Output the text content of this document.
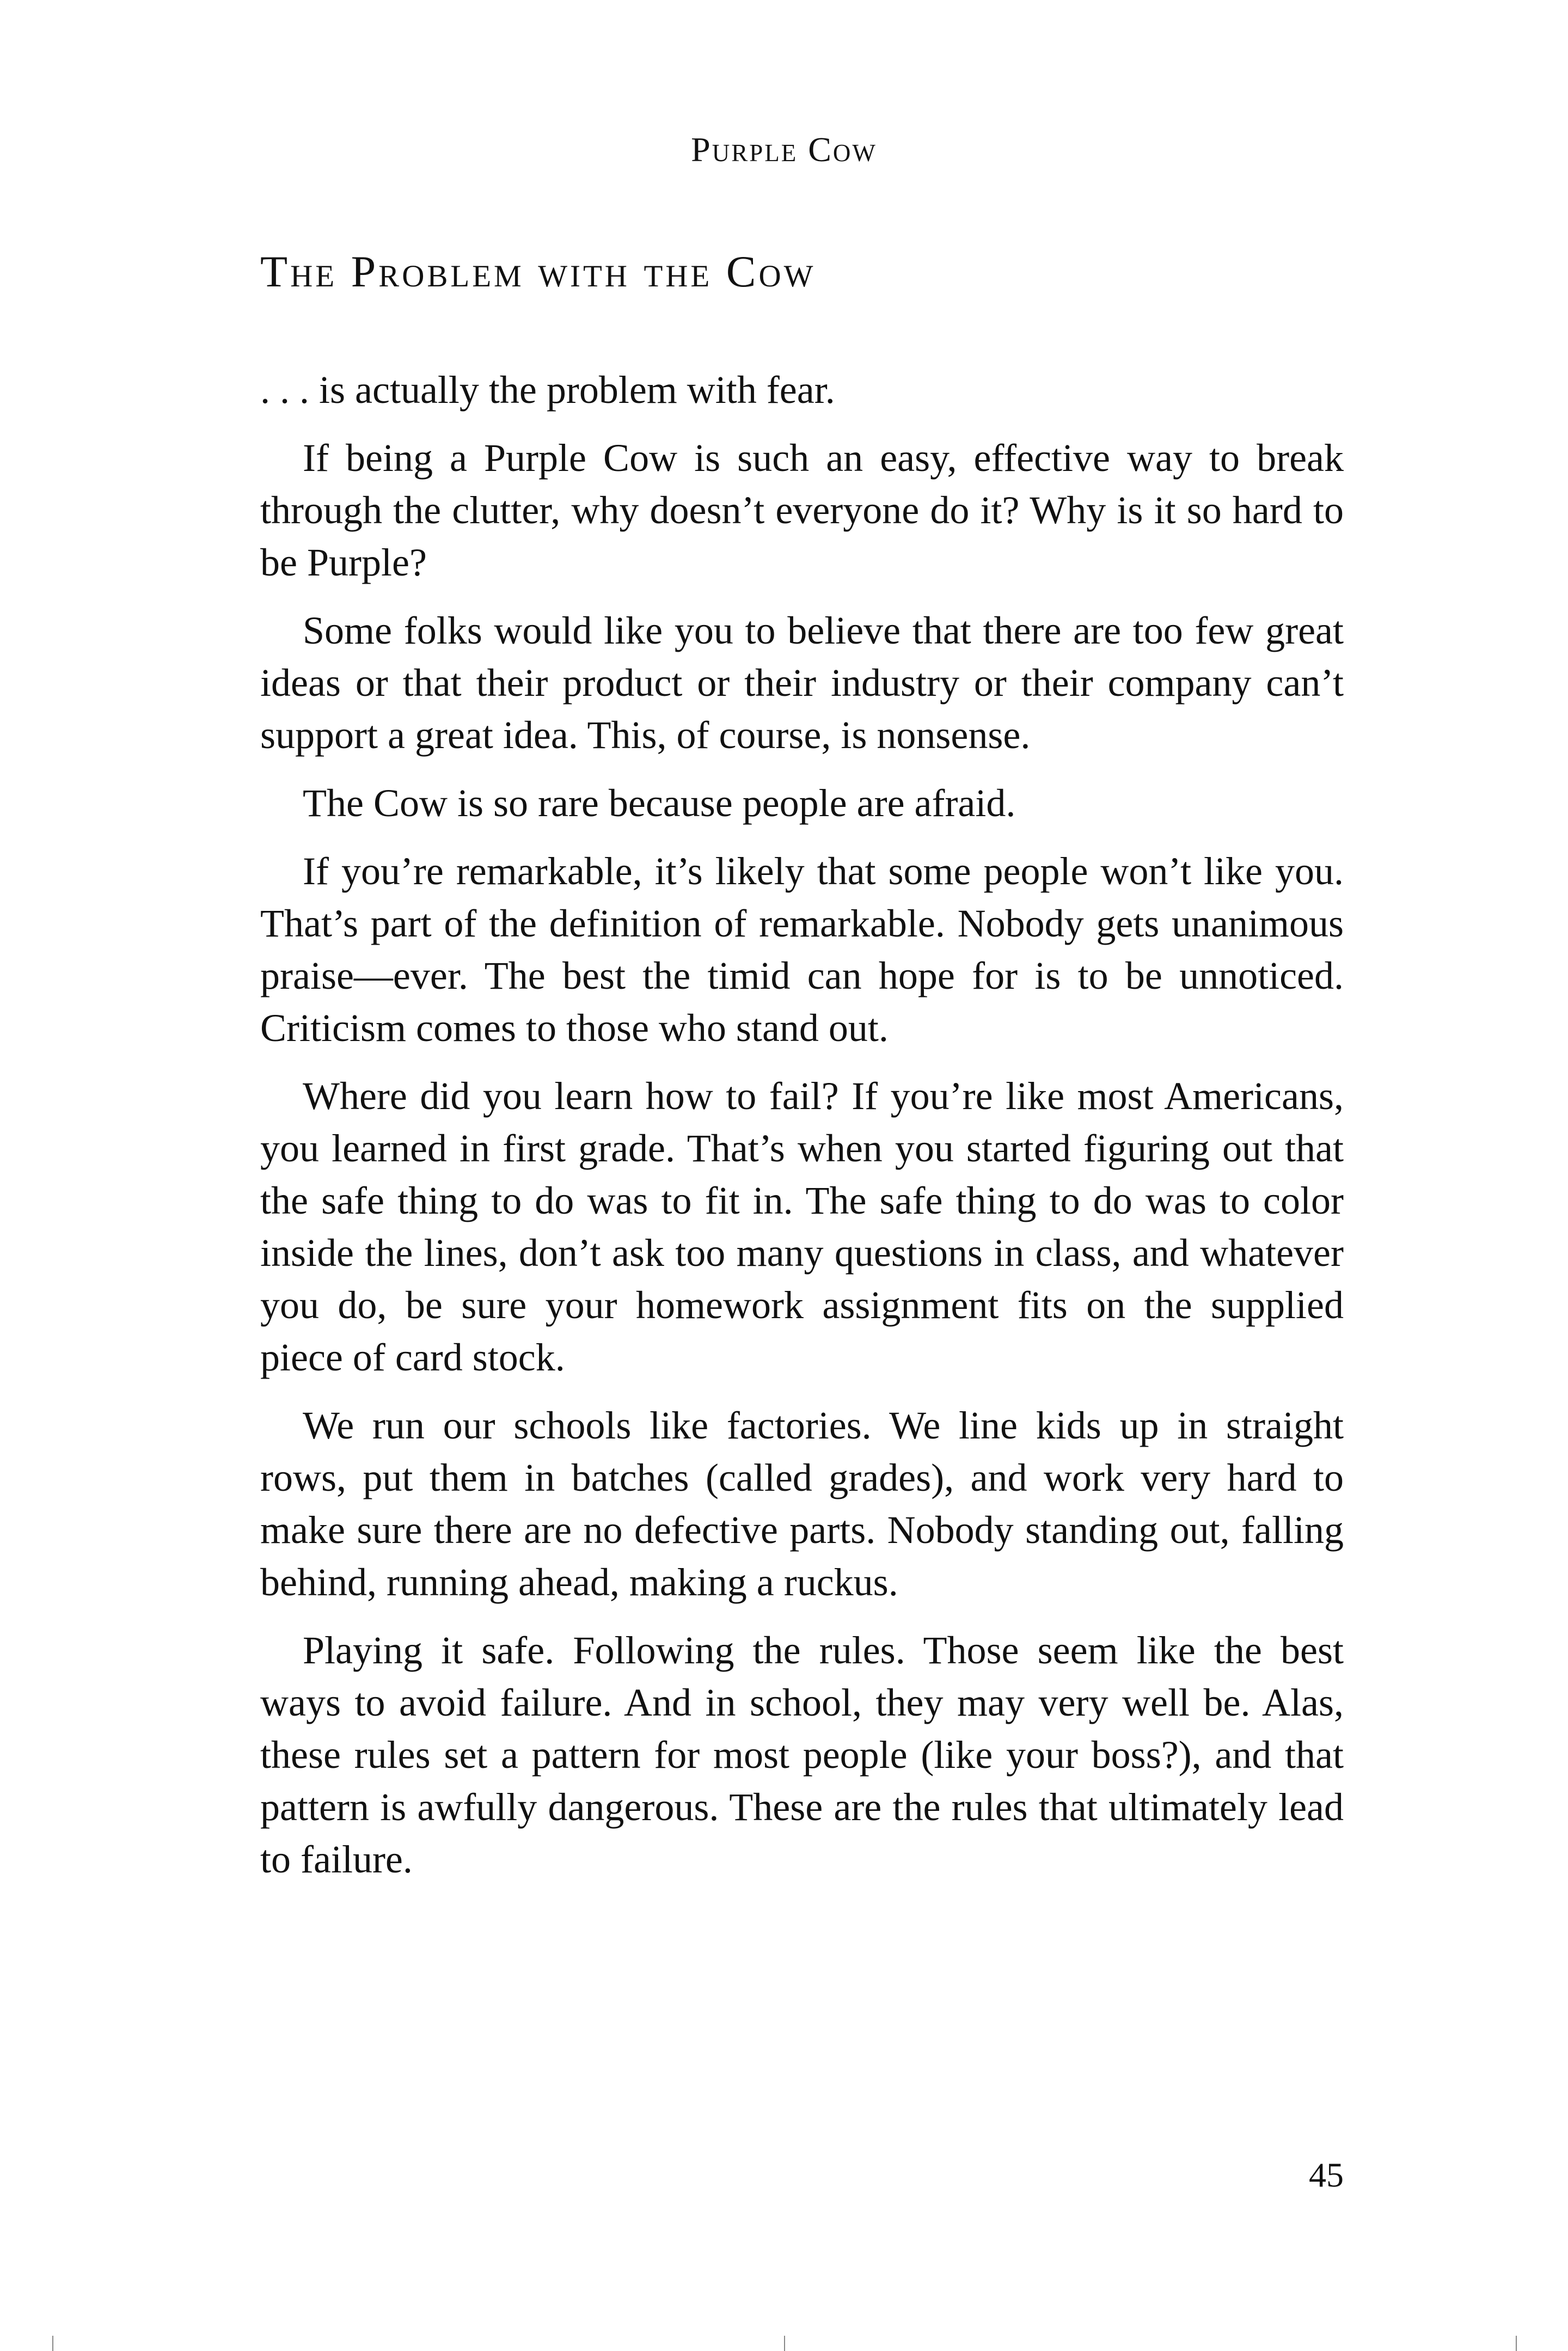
Purple Cow
The Problem with the Cow

. . . is actually the problem with fear.

If being a Purple Cow is such an easy, effective way to break through the clutter, why doesn’t everyone do it? Why is it so hard to be Purple?

Some folks would like you to believe that there are too few great ideas or that their product or their industry or their company can’t support a great idea. This, of course, is nonsense.

The Cow is so rare because people are afraid.

If you’re remarkable, it’s likely that some people won’t like you. That’s part of the definition of remarkable. Nobody gets unanimous praise—ever. The best the timid can hope for is to be unnoticed. Criticism comes to those who stand out.

Where did you learn how to fail? If you’re like most Americans, you learned in first grade. That’s when you started figuring out that the safe thing to do was to fit in. The safe thing to do was to color inside the lines, don’t ask too many questions in class, and whatever you do, be sure your homework assignment fits on the supplied piece of card stock.

We run our schools like factories. We line kids up in straight rows, put them in batches (called grades), and work very hard to make sure there are no defective parts. Nobody standing out, falling behind, running ahead, making a ruckus.

Playing it safe. Following the rules. Those seem like the best ways to avoid failure. And in school, they may very well be. Alas, these rules set a pattern for most people (like your boss?), and that pattern is awfully dangerous. These are the rules that ultimately lead to failure.

45
